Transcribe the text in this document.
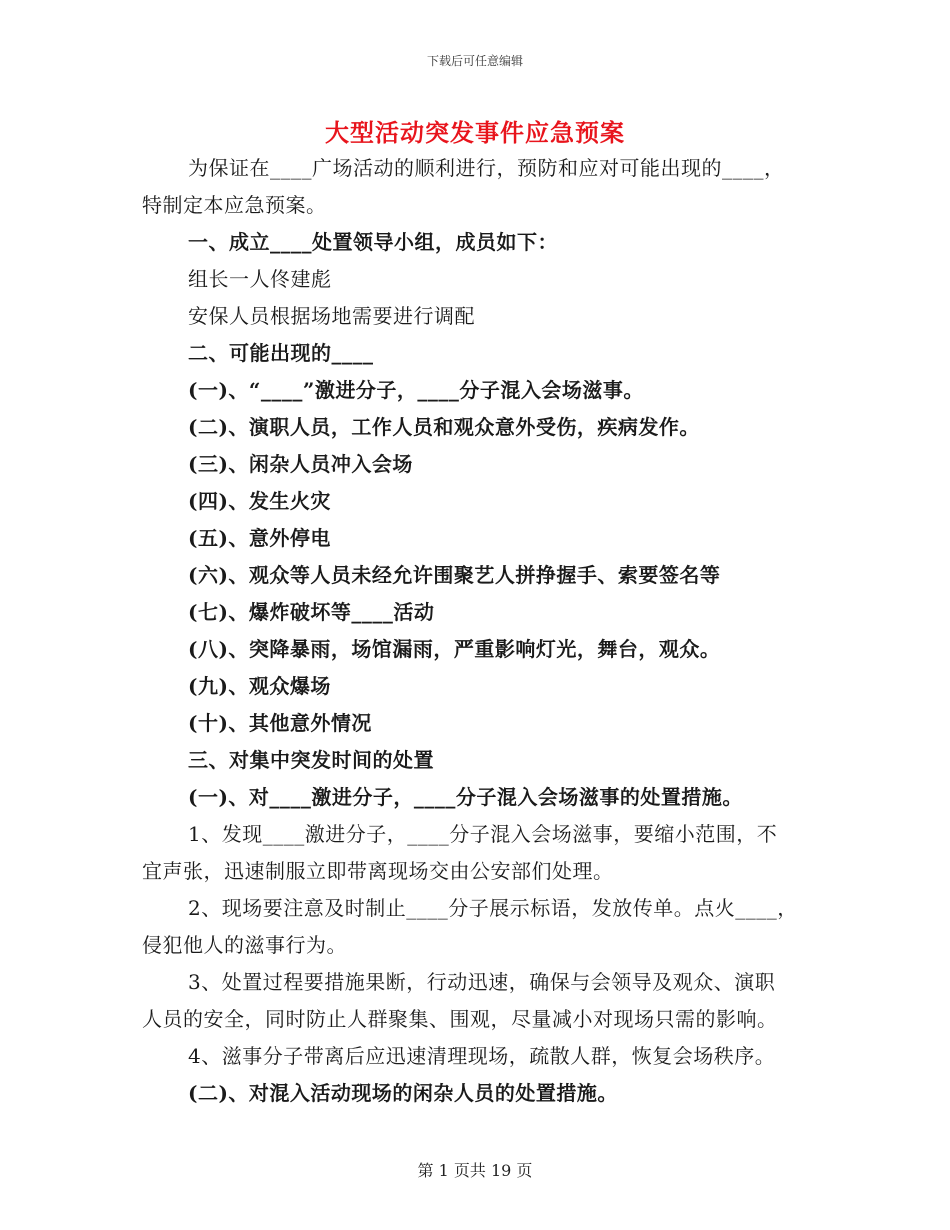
下载后可任意编辑
大型活动突发事件应急预案
为保证在____广场活动的顺利进行，预防和应对可能出现的____，
特制定本应急预案。
一、成立____处置领导小组，成员如下：
组长一人佟建彪
安保人员根据场地需要进行调配
二、可能出现的____
(一)、“____”激进分子，____分子混入会场滋事。
(二)、演职人员，工作人员和观众意外受伤，疾病发作。
(三)、闲杂人员冲入会场
(四)、发生火灾
(五)、意外停电
(六)、观众等人员未经允许围聚艺人拼挣握手、索要签名等
(七)、爆炸破坏等____活动
(八)、突降暴雨，场馆漏雨，严重影响灯光，舞台，观众。
(九)、观众爆场
(十)、其他意外情况
三、对集中突发时间的处置
(一)、对____激进分子，____分子混入会场滋事的处置措施。
1、发现____激进分子，____分子混入会场滋事，要缩小范围，不
宜声张，迅速制服立即带离现场交由公安部们处理。
2、现场要注意及时制止____分子展示标语，发放传单。点火____，
侵犯他人的滋事行为。
3、处置过程要措施果断，行动迅速，确保与会领导及观众、演职
人员的安全，同时防止人群聚集、围观，尽量减小对现场只需的影响。
4、滋事分子带离后应迅速清理现场，疏散人群，恢复会场秩序。
(二)、对混入活动现场的闲杂人员的处置措施。
第 1 页共 19 页
